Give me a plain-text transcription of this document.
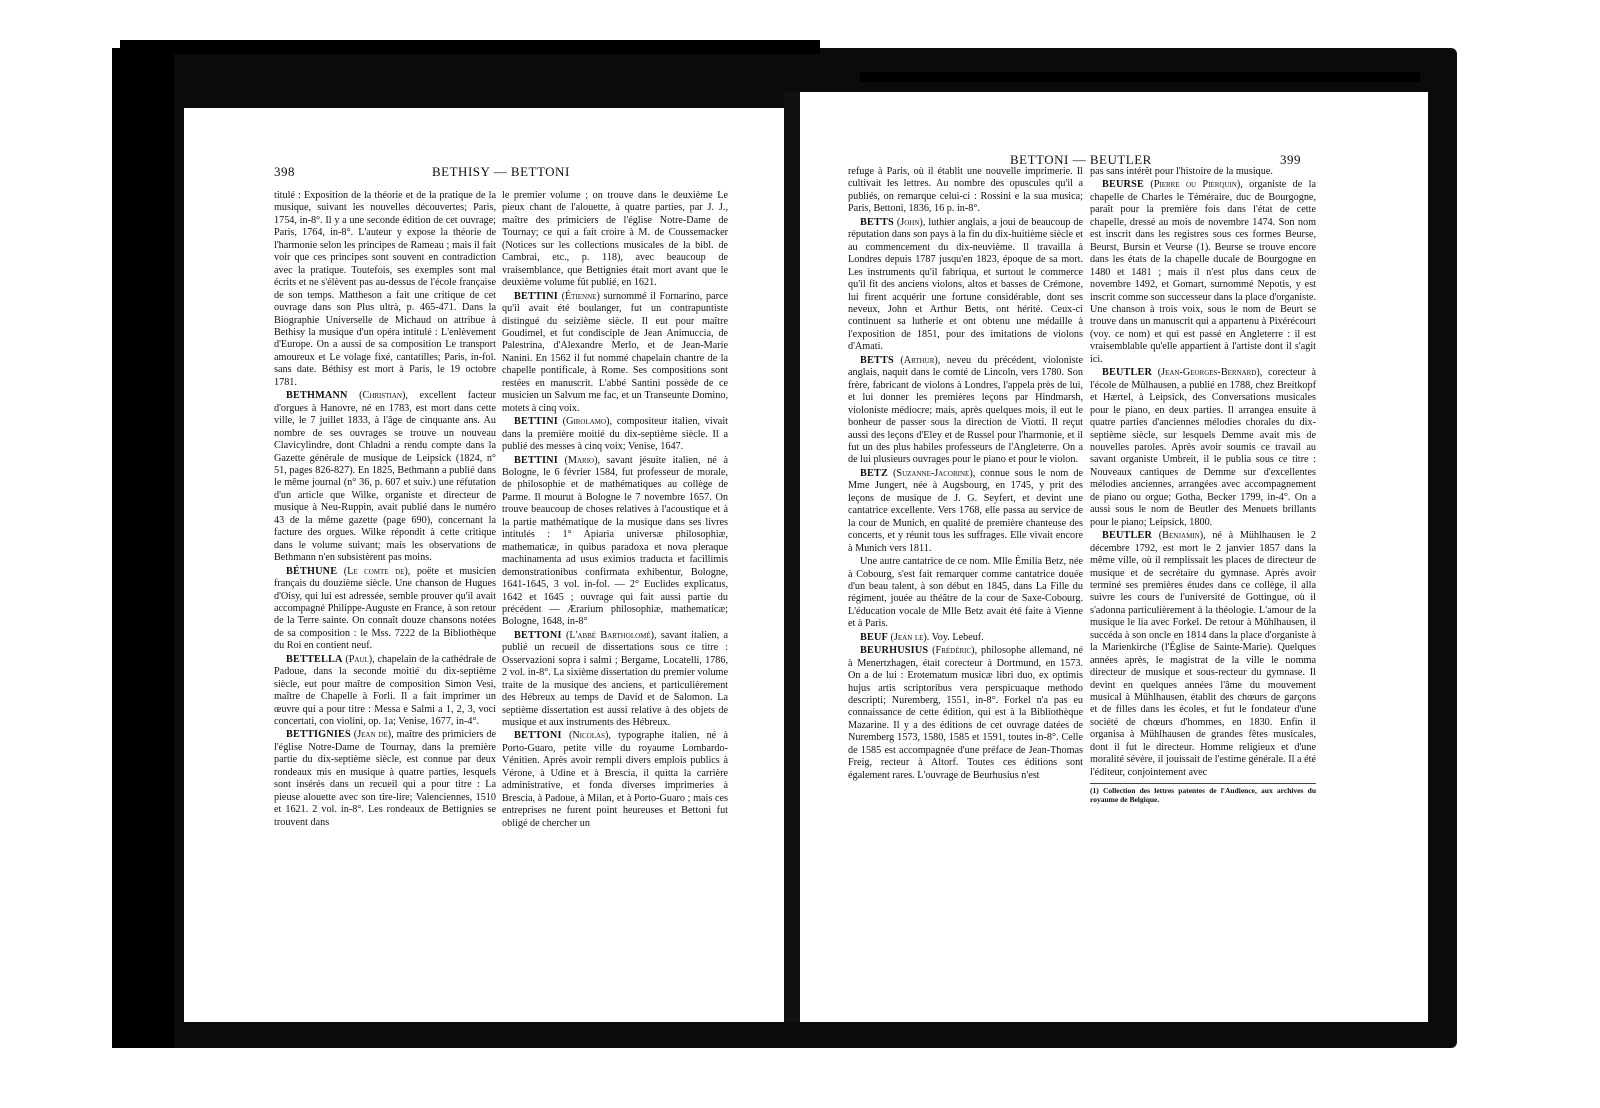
398	BETHISY — BETTONI

titulé : Exposition de la théorie et de la pratique de la musique, suivant les nouvelles découvertes; Paris, 1754, in-8°. Il y a une seconde édition de cet ouvrage; Paris, 1764, in-8°. L'auteur y expose la théorie de l'harmonie selon les principes de Rameau ; mais il fait voir que ces principes sont souvent en contradiction avec la pratique. Toutefois, ses exemples sont mal écrits et ne s'élèvent pas au-dessus de l'école française de son temps. Mattheson a fait une critique de cet ouvrage dans son Plus ultrà, p. 465-471. Dans la Biographie Universelle de Michaud on attribue à Bethisy la musique d'un opéra intitulé : L'enlèvement d'Europe. On a aussi de sa composition Le transport amoureux et Le volage fixé, cantatilles; Paris, in-fol. sans date. Béthisy est mort à Paris, le 19 octobre 1781.

BETHMANN (Christian), excellent facteur d'orgues à Hanovre, né en 1783, est mort dans cette ville, le 7 juillet 1833, à l'âge de cinquante ans. Au nombre de ses ouvrages se trouve un nouveau Clavicylindre, dont Chladni a rendu compte dans la Gazette générale de musique de Leipsick (1824, n° 51, pages 826-827). En 1825, Bethmann a publié dans le même journal (n° 36, p. 607 et suiv.) une réfutation d'un article que Wilke, organiste et directeur de musique à Neu-Ruppin, avait publié dans le numéro 43 de la même gazette (page 690), concernant la facture des orgues. Wilke répondit à cette critique dans le volume suivant; mais les observations de Bethmann n'en subsistèrent pas moins.

BÉTHUNE (Le comte de), poëte et musicien français du douzième siècle. Une chanson de Hugues d'Oisy, qui lui est adressée, semble prouver qu'il avait accompagné Philippe-Auguste en France, à son retour de la Terre sainte. On connaît douze chansons notées de sa composition : le Mss. 7222 de la Bibliothèque du Roi en contient neuf.

BETTELLA (Paul), chapelain de la cathédrale de Padoue, dans la seconde moitié du dix-septième siècle, eut pour maître de composition Simon Vesi, maître de Chapelle à Forli. Il a fait imprimer un œuvre qui a pour titre : Messa e Salmi a 1, 2, 3, voci concertati, con violini, op. 1a; Venise, 1677, in-4°.

BETTIGNIES (Jean de), maître des primiciers de l'église Notre-Dame de Tournay, dans la première partie du dix-septième siècle, est connue par deux rondeaux mis en musique à quatre parties, lesquels sont insérés dans un recueil qui a pour titre : La pieuse alouette avec son tire-lire; Valenciennes, 1510 et 1621. 2 vol. in-8°. Les rondeaux de Bettignies se trouvent dans

le premier volume ; on trouve dans le deuxième Le pieux chant de l'alouette, à quatre parties, par J. J., maître des primiciers de l'église Notre-Dame de Tournay; ce qui a fait croire à M. de Coussemacker (Notices sur les collections musicales de la bibl. de Cambrai, etc., p. 118), avec beaucoup de vraisemblance, que Bettignies était mort avant que le deuxième volume fût publié, en 1621.

BETTINI (Étienne) surnommé il Fornarino, parce qu'il avait été boulanger, fut un contrapuntiste distingué du seizième siècle. Il eut pour maître Goudimel, et fut condisciple de Jean Animuccia, de Palestrina, d'Alexandre Merlo, et de Jean-Marie Nanini. En 1562 il fut nommé chapelain chantre de la chapelle pontificale, à Rome. Ses compositions sont restées en manuscrit. L'abbé Santini possède de ce musicien un Salvum me fac, et un Transeunte Domino, motets à cinq voix.

BETTINI (Girolamo), compositeur italien, vivait dans la première moitié du dix-septième siècle. Il a publié des messes à cinq voix; Venise, 1647.

BETTINI (Mario), savant jésuite italien, né à Bologne, le 6 février 1584, fut professeur de morale, de philosophie et de mathématiques au collège de Parme. Il mourut à Bologne le 7 novembre 1657. On trouve beaucoup de choses relatives à l'acoustique et à la partie mathématique de la musique dans ses livres intitulés : 1° Apiaria universæ philosophiæ, mathematicæ, in quibus paradoxa et nova pleraque machinamenta ad usus eximios traducta et facillimis demonstrationibus confirmata exhibentur, Bologne, 1641-1645, 3 vol. in-fol. — 2° Euclides explicatus, 1642 et 1645 ; ouvrage qui fait aussi partie du précédent — Ærarium philosophiæ, mathematicæ; Bologne, 1648, in-8°

BETTONI (L'abbé Bartholomé), savant italien, a publié un recueil de dissertations sous ce titre : Osservazioni sopra i salmi ; Bergame, Locatelli, 1786, 2 vol. in-8°. La sixième dissertation du premier volume traite de la musique des anciens, et particulièrement des Hébreux au temps de David et de Salomon. La septième dissertation est aussi relative à des objets de musique et aux instruments des Hébreux.

BETTONI (Nicolas), typographe italien, né à Porto-Guaro, petite ville du royaume Lombardo-Vénitien. Après avoir rempli divers emplois publics à Vérone, à Udine et à Brescia, il quitta la carrière administrative, et fonda diverses imprimeries à Brescia, à Padoue, à Milan, et à Porto-Guaro ; mais ces entreprises ne furent point heureuses et Bettoni fut obligé de chercher un

BETTONI — BEUTLER	399

refuge à Paris, où il établit une nouvelle imprimerie. Il cultivait les lettres. Au nombre des opuscules qu'il a publiés, on remarque celui-ci : Rossini e la sua musica; Paris, Bettoni, 1836, 16 p. in-8°.

BETTS (John), luthier anglais, a joui de beaucoup de réputation dans son pays à la fin du dix-huitième siècle et au commencement du dix-neuvième. Il travailla à Londres depuis 1787 jusqu'en 1823, époque de sa mort. Les instruments qu'il fabriqua, et surtout le commerce qu'il fit des anciens violons, altos et basses de Crémone, lui firent acquérir une fortune considérable, dont ses neveux, John et Arthur Betts, ont hérité. Ceux-ci continuent sa lutherie et ont obtenu une médaille à l'exposition de 1851, pour des imitations de violons d'Amati.

BETTS (Arthur), neveu du précédent, violoniste anglais, naquit dans le comté de Lincoln, vers 1780. Son frère, fabricant de violons à Londres, l'appela près de lui, et lui donner les premières leçons par Hindmarsh, violoniste médiocre; mais, après quelques mois, il eut le bonheur de passer sous la direction de Viotti. Il reçut aussi des leçons d'Eley et de Russel pour l'harmonie, et il fut un des plus habiles professeurs de l'Angleterre. On a de lui plusieurs ouvrages pour le piano et pour le violon.

BETZ (Suzanne-Jacobine), connue sous le nom de Mme Jungert, née à Augsbourg, en 1745, y prit des leçons de musique de J. G. Seyfert, et devint une cantatrice excellente. Vers 1768, elle passa au service de la cour de Munich, en qualité de première chanteuse des concerts, et y réunit tous les suffrages. Elle vivait encore à Munich vers 1811.

Une autre cantatrice de ce nom. Mlle Émilia Betz, née à Cobourg, s'est fait remarquer comme cantatrice douée d'un beau talent, à son début en 1845, dans La Fille du régiment, jouée au théâtre de la cour de Saxe-Cobourg. L'éducation vocale de Mlle Betz avait été faite à Vienne et à Paris.

BEUF (Jean le). Voy. Lebeuf.

BEURHUSIUS (Frédéric), philosophe allemand, né à Menertzhagen, était corecteur à Dortmund, en 1573. On a de lui : Erotematum musicæ libri duo, ex optimis hujus artis scriptoribus vera perspicuaque methodo descripti; Nuremberg, 1551, in-8°. Forkel n'a pas eu connaissance de cette édition, qui est à la Bibliothèque Mazarine. Il y a des éditions de cet ouvrage datées de Nuremberg 1573, 1580, 1585 et 1591, toutes in-8°. Celle de 1585 est accompagnée d'une préface de Jean-Thomas Freig, recteur à Altorf. Toutes ces éditions sont également rares. L'ouvrage de Beurhusius n'est

pas sans intérêt pour l'histoire de la musique.

BEURSE (Pierre ou Pierquin), organiste de la chapelle de Charles le Téméraire, duc de Bourgogne, paraît pour la première fois dans l'état de cette chapelle, dressé au mois de novembre 1474. Son nom est inscrit dans les registres sous ces formes Beurse, Beurst, Bursin et Veurse (1). Beurse se trouve encore dans les états de la chapelle ducale de Bourgogne en 1480 et 1481 ; mais il n'est plus dans ceux de novembre 1492, et Gomart, surnommé Nepotis, y est inscrit comme son successeur dans la place d'organiste. Une chanson à trois voix, sous le nom de Beurt se trouve dans un manuscrit qui a appartenu à Pixérécourt (voy. ce nom) et qui est passé en Angleterre : il est vraisemblable qu'elle appartient à l'artiste dont il s'agit ici.

BEUTLER (Jean-Georges-Bernard), corecteur à l'école de Mülhausen, a publié en 1788, chez Breitkopf et Hærtel, à Leipsick, des Conversations musicales pour le piano, en deux parties. Il arrangea ensuite à quatre parties d'anciennes mélodies chorales du dix-septième siècle, sur lesquels Demme avait mis de nouvelles paroles. Après avoir soumis ce travail au savant organiste Umbreit, il le publia sous ce titre : Nouveaux cantiques de Demme sur d'excellentes mélodies anciennes, arrangées avec accompagnement de piano ou orgue; Gotha, Becker 1799, in-4°. On a aussi sous le nom de Beutler des Menuets brillants pour le piano; Leipsick, 1800.

BEUTLER (Benjamin), né à Mühlhausen le 2 décembre 1792, est mort le 2 janvier 1857 dans la même ville, où il remplissait les places de directeur de musique et de secrétaire du gymnase. Après avoir terminé ses premières études dans ce collège, il alla suivre les cours de l'université de Gottingue, où il s'adonna particulièrement à la théologie. L'amour de la musique le lia avec Forkel. De retour à Mühlhausen, il succéda à son oncle en 1814 dans la place d'organiste à la Marienkirche (l'Église de Sainte-Marie). Quelques années après, le magistrat de la ville le nomma directeur de musique et sous-recteur du gymnase. Il devint en quelques années l'âme du mouvement musical à Mühlhausen, établit des chœurs de garçons et de filles dans les écoles, et fut le fondateur d'une société de chœurs d'hommes, en 1830. Enfin il organisa à Mühlhausen de grandes fêtes musicales, dont il fut le directeur. Homme religieux et d'une moralité sévère, il jouissait de l'estime générale. Il a été l'éditeur, conjointement avec

(1) Collection des lettres patentes de l'Audience, aux archives du royaume de Belgique.
